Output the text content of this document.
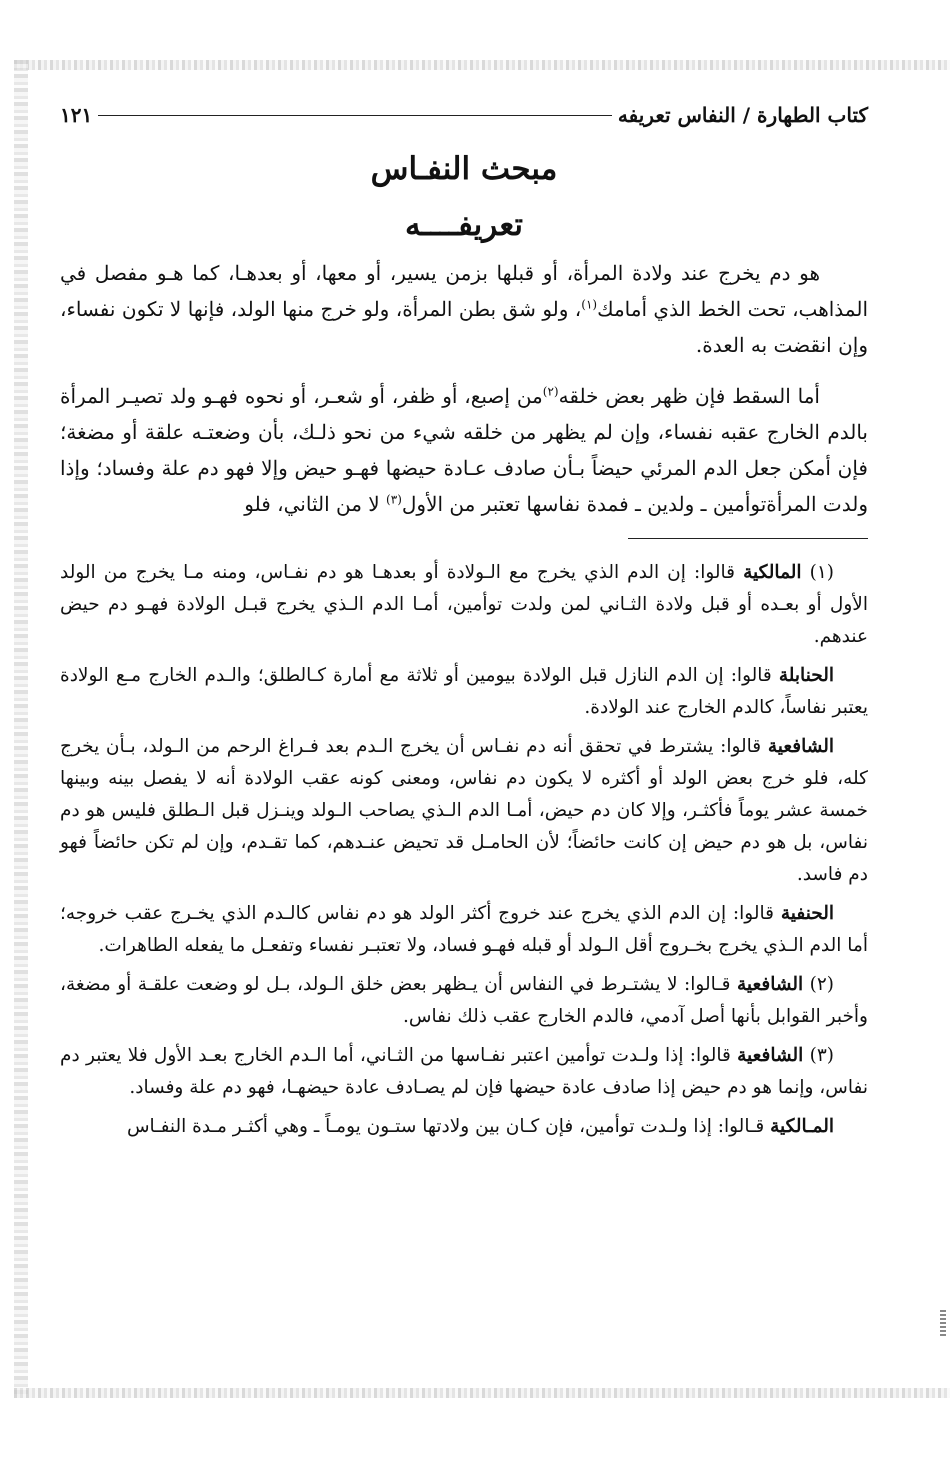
كتاب الطهارة / النفاس تعريفه
١٢١
مبحث النفـاس
تعريفــــه

هو دم يخرج عند ولادة المرأة، أو قبلها بزمن يسير، أو معها، أو بعدهـا، كما هـو مفصل في المذاهب، تحت الخط الذي أمامك$^{(١)}$، ولو شق بطن المرأة، ولو خرج منها الولد، فإنها لا تكون نفساء، وإن انقضت به العدة.

أما السقط فإن ظهر بعض خلقه$^{(٢)}$من إصبع، أو ظفر، أو شعـر، أو نحوه فهـو ولد تصيـر المرأة بالدم الخارج عقبه نفساء، وإن لم يظهر من خلقه شيء من نحو ذلـك، بأن وضعتـه علقة أو مضغة؛ فإن أمكن جعل الدم المرئي حيضاً بـأن صادف عـادة حيضها فهـو حيض وإلا فهو دم علة وفساد؛ وإذا ولدت المرأةتوأمين ـ ولدين ـ فمدة نفاسها تعتبر من الأول$^{(٣)}$ لا من الثاني، فلو

(١) المالكية قالوا: إن الدم الذي يخرج مع الـولادة أو بعدهـا هو دم نفـاس، ومنه مـا يخرج من الولد الأول أو بعـده أو قبل ولادة الثـاني لمن ولدت توأمين، أمـا الدم الـذي يخرج قبـل الولادة فهـو دم حيض عندهم.

الحنابلة قالوا: إن الدم النازل قبل الولادة بيومين أو ثلاثة مع أمارة كـالطلق؛ والـدم الخارج مـع الولادة يعتبر نفاساً، كالدم الخارج عند الولادة.

الشافعية قالوا: يشترط في تحقق أنه دم نفـاس أن يخرج الـدم بعد فـراغ الرحم من الـولد، بـأن يخرج كله، فلو خرج بعض الولد أو أكثره لا يكون دم نفاس، ومعنى كونه عقب الولادة أنه لا يفصل بينه وبينها خمسة عشر يوماً فأكثـر، وإلا كان دم حيض، أمـا الدم الـذي يصاحب الـولد وينـزل قبل الـطلق فليس هو دم نفاس، بل هو دم حيض إن كانت حائضاً؛ لأن الحامـل قد تحيض عنـدهم، كما تقـدم، وإن لم تكن حائضاً فهو دم فاسد.

الحنفية قالوا: إن الدم الذي يخرج عند خروج أكثر الولد هو دم نفاس كالـدم الذي يخـرج عقب خروجه؛ أما الدم الـذي يخرج بخـروج أقل الـولد أو قبله فهـو فساد، ولا تعتبـر نفساء وتفعـل ما يفعله الطاهرات.

(٢) الشافعية قـالوا: لا يشتـرط في النفاس أن يـظهر بعض خلق الـولد، بـل لو وضعت علقـة أو مضغة، وأخبر القوابل بأنها أصل آدمي، فالدم الخارج عقب ذلك نفاس.

(٣) الشافعية قالوا: إذا ولـدت توأمين اعتبر نفـاسها من الثـاني، أما الـدم الخارج بعـد الأول فلا يعتبر دم نفاس، وإنما هو دم حيض إذا صادف عادة حيضها فإن لم يصـادف عادة حيضهـا، فهو دم علة وفساد.

المـالكية قـالوا: إذا ولـدت توأمين، فإن كـان بين ولادتها ستـون يومـاً ـ وهي أكثـر مـدة النفـاس
